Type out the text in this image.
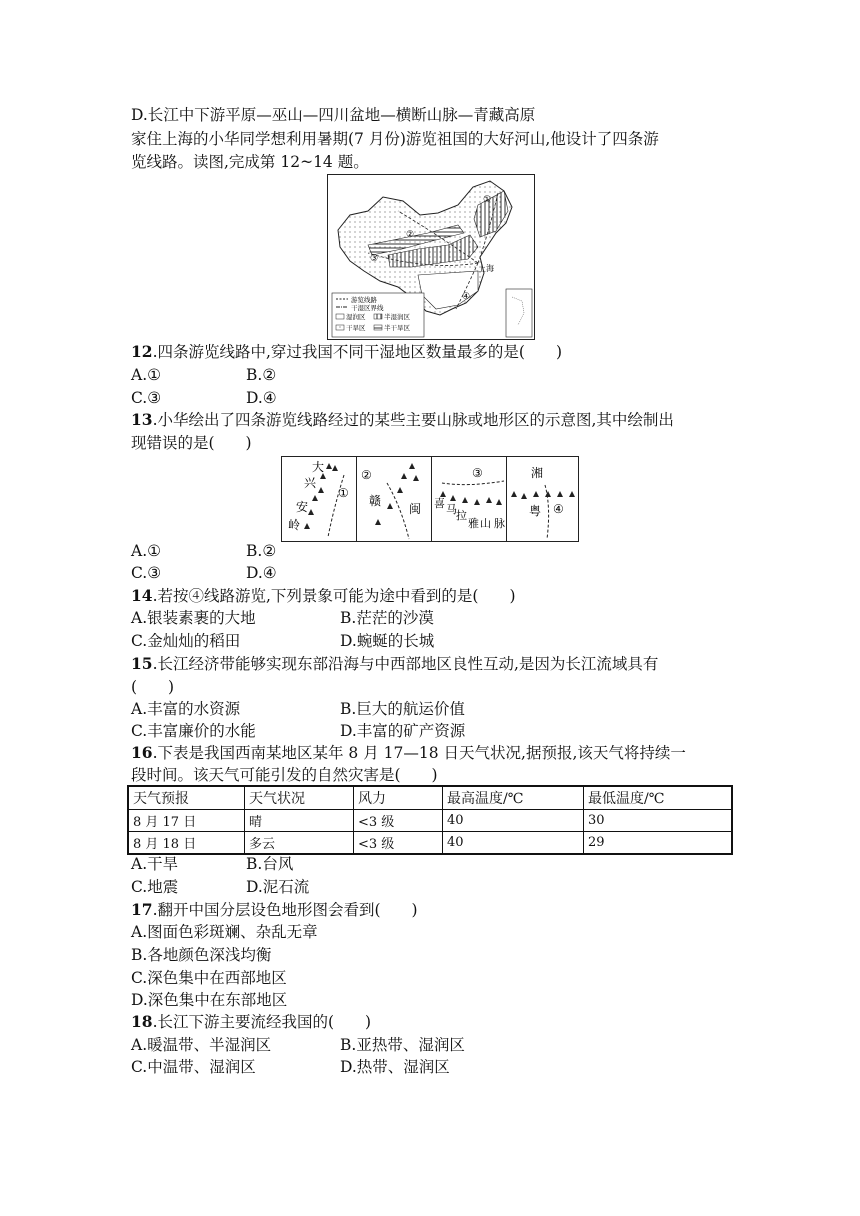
D.长江中下游平原—巫山—四川盆地—横断山脉—青藏高原
家住上海的小华同学想利用暑期(7 月份)游览祖国的大好河山,他设计了四条游
览线路。读图,完成第 12~14 题。
①
②
③
④
上海
游览线路
干湿区界线
湿润区	半湿润区
干旱区	半干旱区
12.四条游览线路中,穿过我国不同干湿地区数量最多的是(　　)
A.①	B.②
C.③	D.④
13.小华绘出了四条游览线路经过的某些主要山脉或地形区的示意图,其中绘制出
现错误的是(　　)
大
兴
安
岭
①
②
赣
闽
③
喜 马 拉
雅 山 脉
湘
粤 ④
A.①	B.②
C.③	D.④
14.若按④线路游览,下列景象可能为途中看到的是(　　)
A.银装素裹的大地	B.茫茫的沙漠
C.金灿灿的稻田	D.蜿蜒的长城
15.长江经济带能够实现东部沿海与中西部地区良性互动,是因为长江流域具有
(　　)
A.丰富的水资源	B.巨大的航运价值
C.丰富廉价的水能	D.丰富的矿产资源
16.下表是我国西南某地区某年 8 月 17—18 日天气状况,据预报,该天气将持续一
段时间。该天气可能引发的自然灾害是(　　)
天气预报	天气状况	风力	最高温度/℃	最低温度/℃
8 月 17 日	晴	<3 级	40	30
8 月 18 日	多云	<3 级	40	29
A.干旱	B.台风
C.地震	D.泥石流
17.翻开中国分层设色地形图会看到(　　)
A.图面色彩斑斓、杂乱无章
B.各地颜色深浅均衡
C.深色集中在西部地区
D.深色集中在东部地区
18.长江下游主要流经我国的(　　)
A.暖温带、半湿润区	B.亚热带、湿润区
C.中温带、湿润区	D.热带、湿润区
